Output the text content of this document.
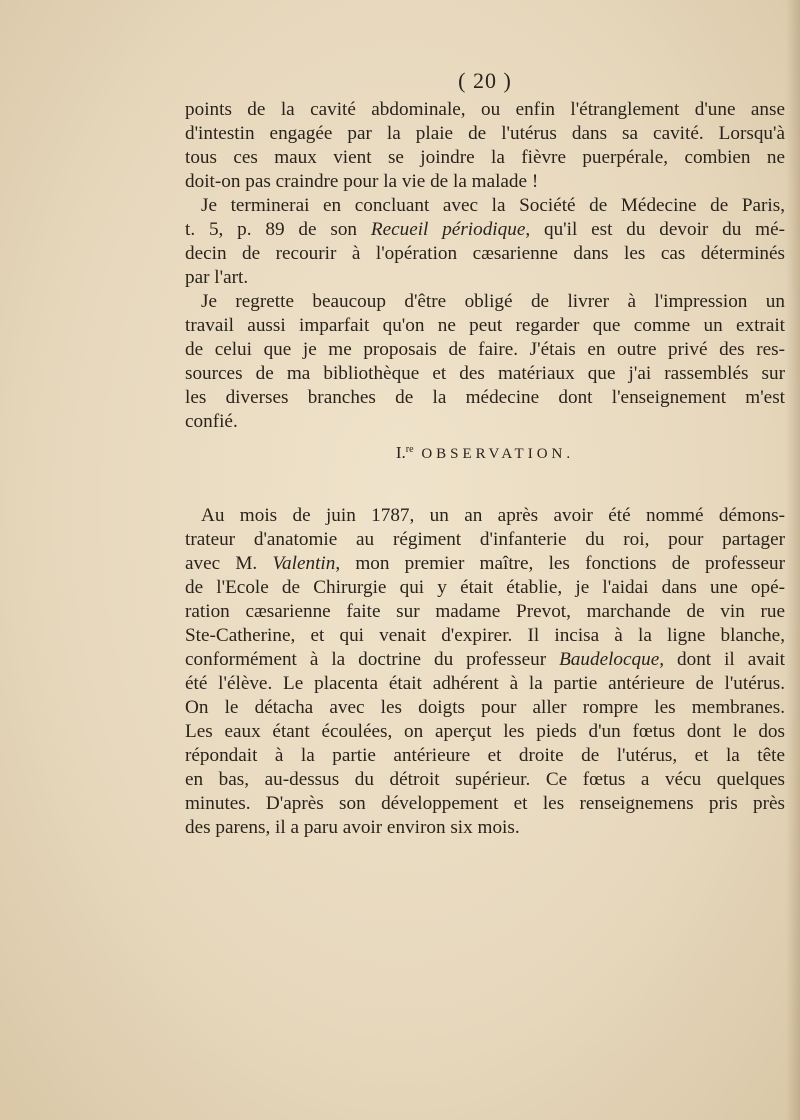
( 20 )
points de la cavité abdominale, ou enfin l'étranglement d'une anse
d'intestin engagée par la plaie de l'utérus dans sa cavité. Lorsqu'à
tous ces maux vient se joindre la fièvre puerpérale, combien ne
doit-on pas craindre pour la vie de la malade !
Je terminerai en concluant avec la Société de Médecine de Paris,
t. 5, p. 89 de son Recueil périodique, qu'il est du devoir du mé-
decin de recourir à l'opération cæsarienne dans les cas déterminés
par l'art.
Je regrette beaucoup d'être obligé de livrer à l'impression un
travail aussi imparfait qu'on ne peut regarder que comme un extrait
de celui que je me proposais de faire. J'étais en outre privé des res-
sources de ma bibliothèque et des matériaux que j'ai rassemblés sur
les diverses branches de la médecine dont l'enseignement m'est
confié.
I.$^{re}$ OBSERVATION.
Au mois de juin 1787, un an après avoir été nommé démons-
trateur d'anatomie au régiment d'infanterie du roi, pour partager
avec M. Valentin, mon premier maître, les fonctions de professeur
de l'Ecole de Chirurgie qui y était établie, je l'aidai dans une opé-
ration cæsarienne faite sur madame Prevot, marchande de vin rue
Ste-Catherine, et qui venait d'expirer. Il incisa à la ligne blanche,
conformément à la doctrine du professeur Baudelocque, dont il avait
été l'élève. Le placenta était adhérent à la partie antérieure de l'utérus.
On le détacha avec les doigts pour aller rompre les membranes.
Les eaux étant écoulées, on aperçut les pieds d'un fœtus dont le dos
répondait à la partie antérieure et droite de l'utérus, et la tête
en bas, au-dessus du détroit supérieur. Ce fœtus a vécu quelques
minutes. D'après son développement et les renseignemens pris près
des parens, il a paru avoir environ six mois.
